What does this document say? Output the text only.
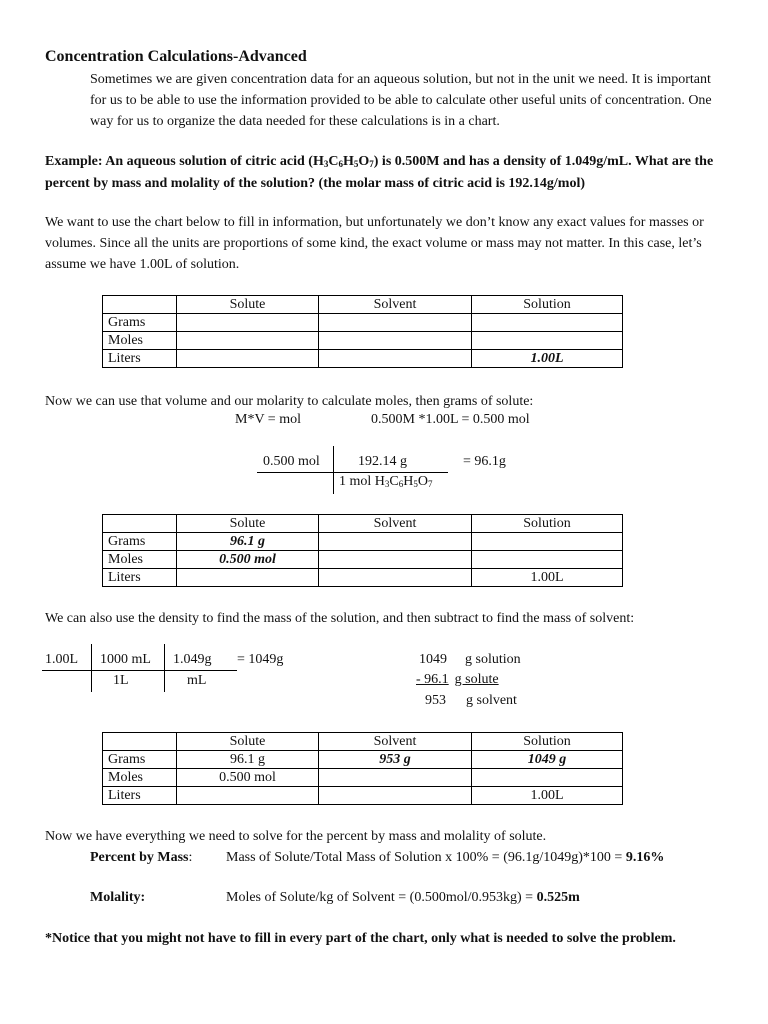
Concentration Calculations-Advanced
Sometimes we are given concentration data for an aqueous solution, but not in the unit we need. It is important for us to be able to use the information provided to be able to calculate other useful units of concentration. One way for us to organize the data needed for these calculations is in a chart.
Example: An aqueous solution of citric acid $(H_3C_6H_5O_7)$ is 0.500M and has a density of 1.049g/mL. What are the percent by mass and molality of the solution? (the molar mass of citric acid is 192.14g/mol)
We want to use the chart below to fill in information, but unfortunately we don’t know any exact values for masses or volumes. Since all the units are proportions of some kind, the exact volume or mass may not matter. In this case, let’s assume we have 1.00L of solution.
	Solute	Solvent	Solution
Grams			
Moles			
Liters			1.00L
Now we can use that volume and our molarity to calculate moles, then grams of solute:
M*V = mol	0.500M *1.00L = 0.500 mol
0.500 mol	192.14 g	= 96.1g
1 mol $H_3C_6H_5O_7$
	Solute	Solvent	Solution
Grams	96.1 g		
Moles	0.500 mol		
Liters			1.00L
We can also use the density to find the mass of the solution, and then subtract to find the mass of solvent:
1.00L 1000 mL
1L
1.049g
mL
= 1049g	1049 g solution
- 96.1 g solute
953 g solvent
	Solute	Solvent	Solution
Grams	96.1 g	953 g	1049 g
Moles	0.500 mol		
Liters			1.00L
Now we have everything we need to solve for the percent by mass and molality of solute.
Percent by Mass: Mass of Solute/Total Mass of Solution x 100% = (96.1g/1049g)*100 = 9.16%
Molality:	Moles of Solute/kg of Solvent = (0.500mol/0.953kg) = 0.525m
*Notice that you might not have to fill in every part of the chart, only what is needed to solve the problem.
